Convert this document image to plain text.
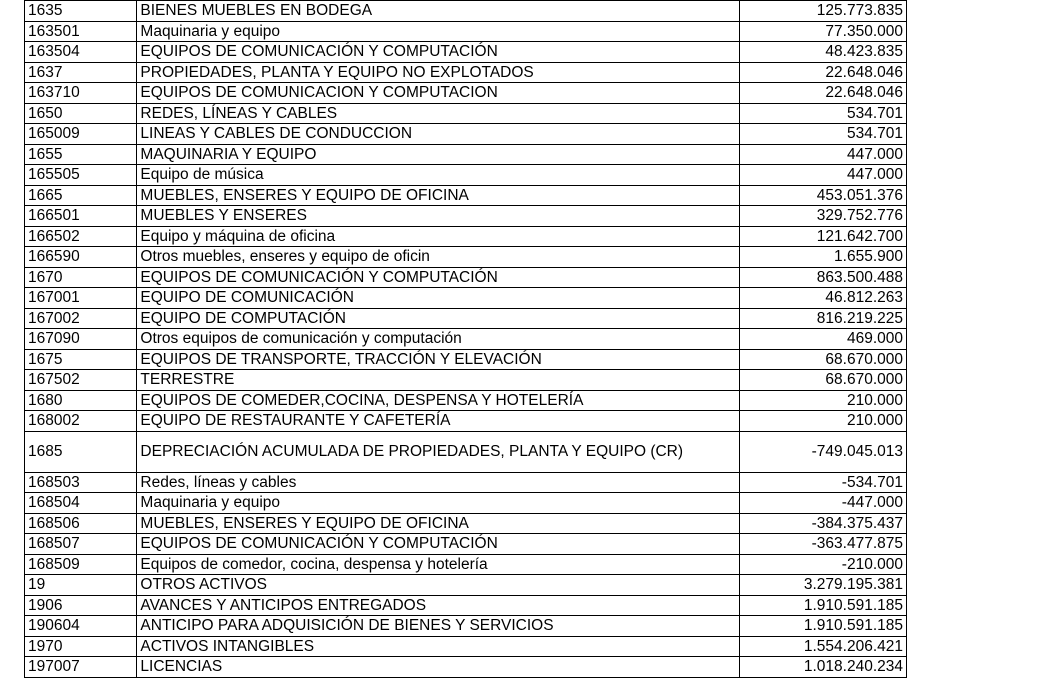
1635	BIENES MUEBLES EN BODEGA	125.773.835
163501	Maquinaria y equipo	77.350.000
163504	EQUIPOS DE COMUNICACIÓN Y COMPUTACIÓN	48.423.835
1637	PROPIEDADES, PLANTA Y EQUIPO NO EXPLOTADOS	22.648.046
163710	EQUIPOS DE COMUNICACION Y COMPUTACION	22.648.046
1650	REDES, LÍNEAS Y CABLES	534.701
165009	LINEAS Y CABLES DE CONDUCCION	534.701
1655	MAQUINARIA Y EQUIPO	447.000
165505	Equipo de música	447.000
1665	MUEBLES, ENSERES Y EQUIPO DE OFICINA	453.051.376
166501	MUEBLES Y ENSERES	329.752.776
166502	Equipo y máquina de oficina	121.642.700
166590	Otros muebles, enseres y equipo de oficin	1.655.900
1670	EQUIPOS DE COMUNICACIÓN Y COMPUTACIÓN	863.500.488
167001	EQUIPO DE COMUNICACIÓN	46.812.263
167002	EQUIPO DE COMPUTACIÓN	816.219.225
167090	Otros equipos de comunicación y computación	469.000
1675	EQUIPOS DE TRANSPORTE, TRACCIÓN Y ELEVACIÓN	68.670.000
167502	TERRESTRE	68.670.000
1680	EQUIPOS DE COMEDER,COCINA, DESPENSA Y HOTELERÍA	210.000
168002	EQUIPO DE RESTAURANTE Y CAFETERÍA	210.000
1685	DEPRECIACIÓN ACUMULADA DE PROPIEDADES, PLANTA Y EQUIPO (CR)	-749.045.013
168503	Redes, líneas y cables	-534.701
168504	Maquinaria y equipo	-447.000
168506	MUEBLES, ENSERES Y EQUIPO DE OFICINA	-384.375.437
168507	EQUIPOS DE COMUNICACIÓN Y COMPUTACIÓN	-363.477.875
168509	Equipos de comedor, cocina, despensa y hotelería	-210.000
19	OTROS ACTIVOS	3.279.195.381
1906	AVANCES Y ANTICIPOS ENTREGADOS	1.910.591.185
190604	ANTICIPO PARA ADQUISICIÓN DE BIENES Y SERVICIOS	1.910.591.185
1970	ACTIVOS INTANGIBLES	1.554.206.421
197007	LICENCIAS	1.018.240.234
